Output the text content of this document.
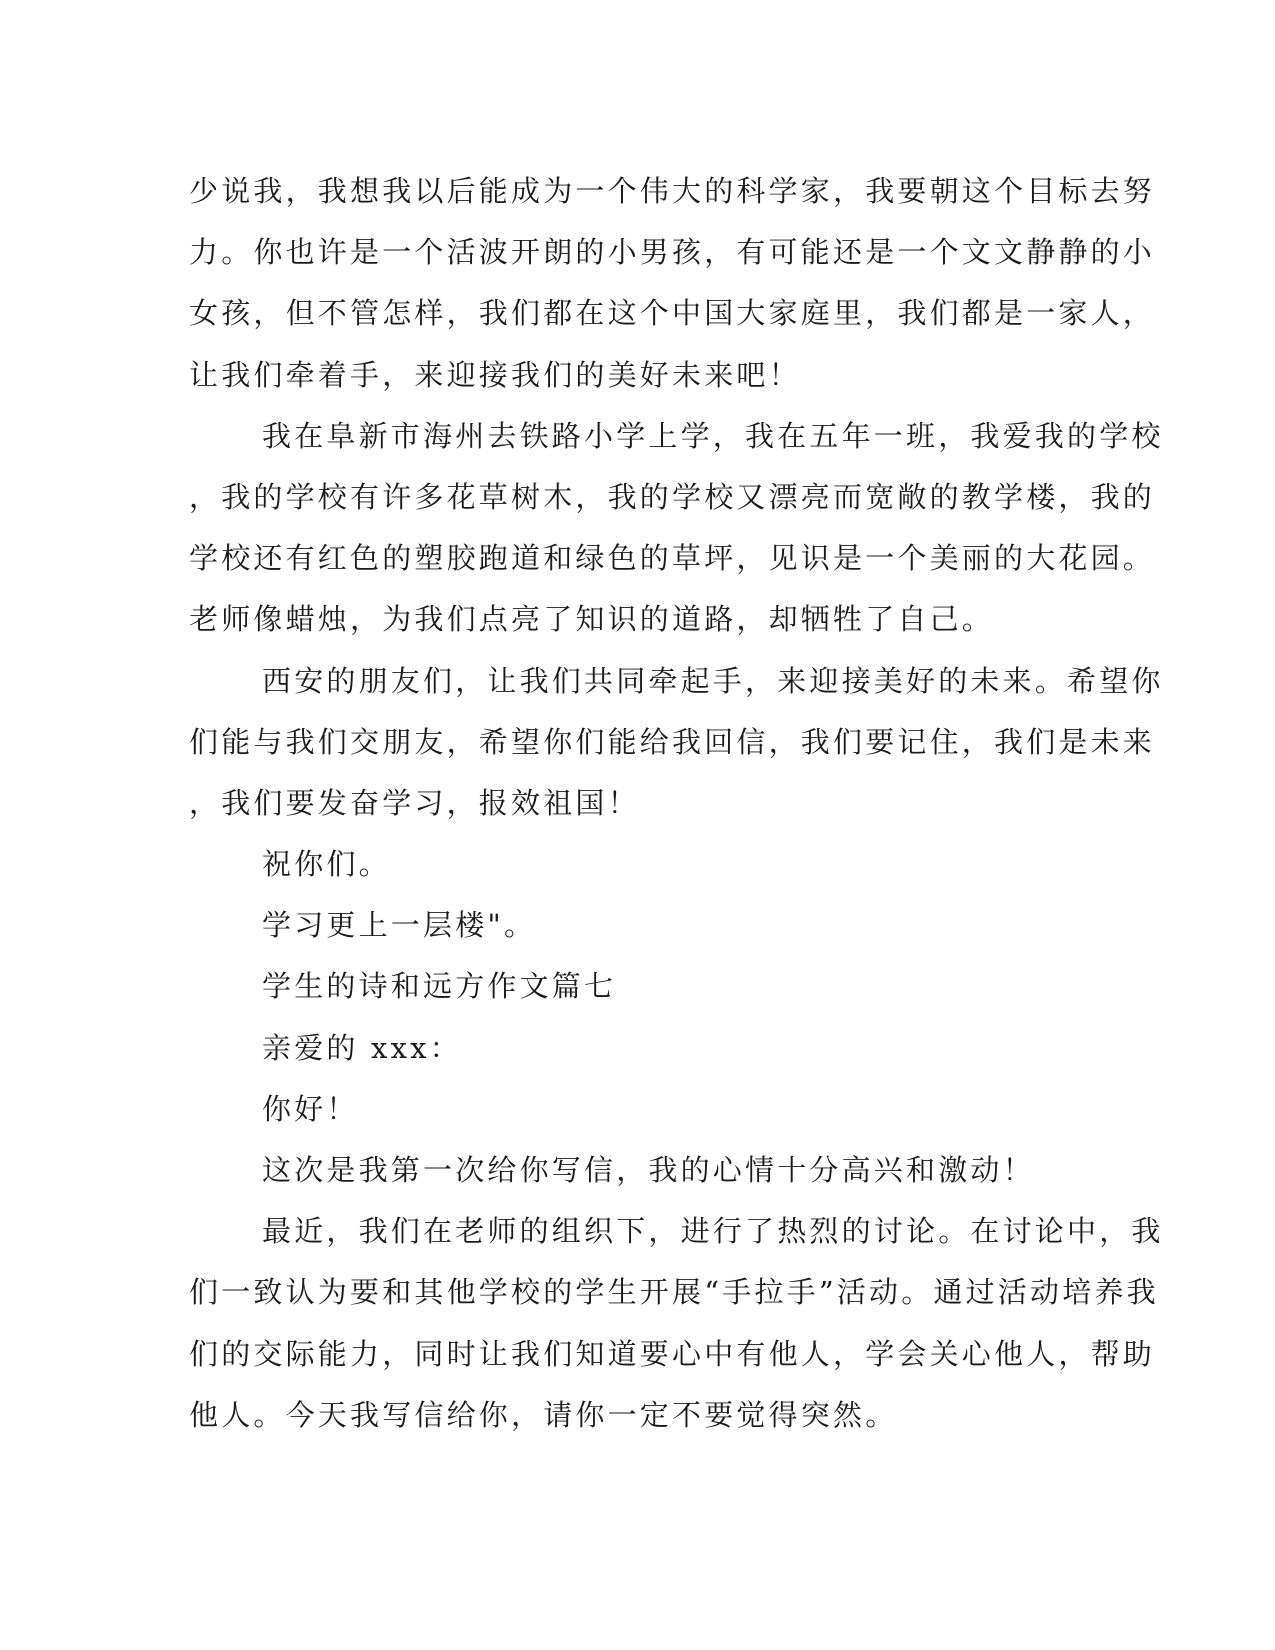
少说我，我想我以后能成为一个伟大的科学家，我要朝这个目标去努
力。你也许是一个活波开朗的小男孩，有可能还是一个文文静静的小
女孩，但不管怎样，我们都在这个中国大家庭里，我们都是一家人，
让我们牵着手，来迎接我们的美好未来吧！
我在阜新市海州去铁路小学上学，我在五年一班，我爱我的学校
，我的学校有许多花草树木，我的学校又漂亮而宽敞的教学楼，我的
学校还有红色的塑胶跑道和绿色的草坪，见识是一个美丽的大花园。
老师像蜡烛，为我们点亮了知识的道路，却牺牲了自己。
西安的朋友们，让我们共同牵起手，来迎接美好的未来。希望你
们能与我们交朋友，希望你们能给我回信，我们要记住，我们是未来
，我们要发奋学习，报效祖国！
祝你们。
学习更上一层楼"。
学生的诗和远方作文篇七
亲爱的 xxx：
你好！
这次是我第一次给你写信，我的心情十分高兴和激动！
最近，我们在老师的组织下，进行了热烈的讨论。在讨论中，我
们一致认为要和其他学校的学生开展“手拉手”活动。通过活动培养我
们的交际能力，同时让我们知道要心中有他人，学会关心他人，帮助
他人。今天我写信给你，请你一定不要觉得突然。
